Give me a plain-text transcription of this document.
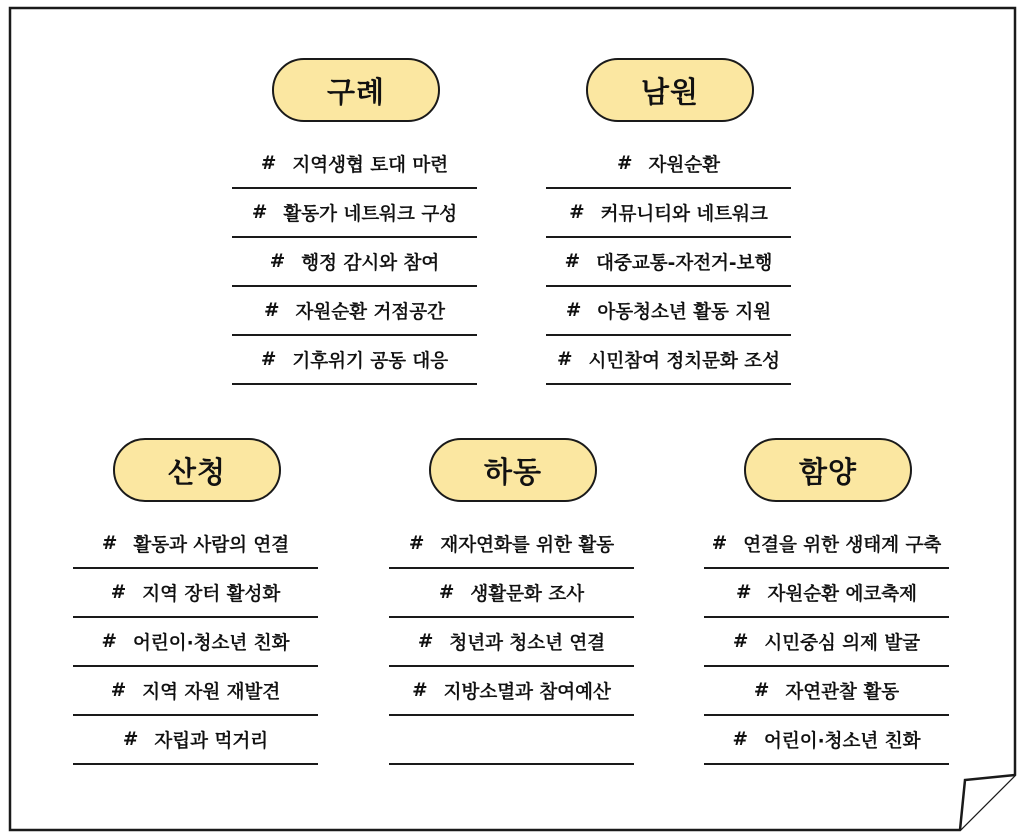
구례
# 지역생협 토대 마련
# 활동가 네트워크 구성
# 행정 감시와 참여
# 자원순환 거점공간
# 기후위기 공동 대응
남원
# 자원순환
# 커뮤니티와 네트워크
# 대중교통-자전거-보행
# 아동청소년 활동 지원
# 시민참여 정치문화 조성
산청
# 활동과 사람의 연결
# 지역 장터 활성화
# 어린이·청소년 친화
# 지역 자원 재발견
# 자립과 먹거리
하동
# 재자연화를 위한 활동
# 생활문화 조사
# 청년과 청소년 연결
# 지방소멸과 참여예산
함양
# 연결을 위한 생태계 구축
# 자원순환 에코축제
# 시민중심 의제 발굴
# 자연관찰 활동
# 어린이·청소년 친화
